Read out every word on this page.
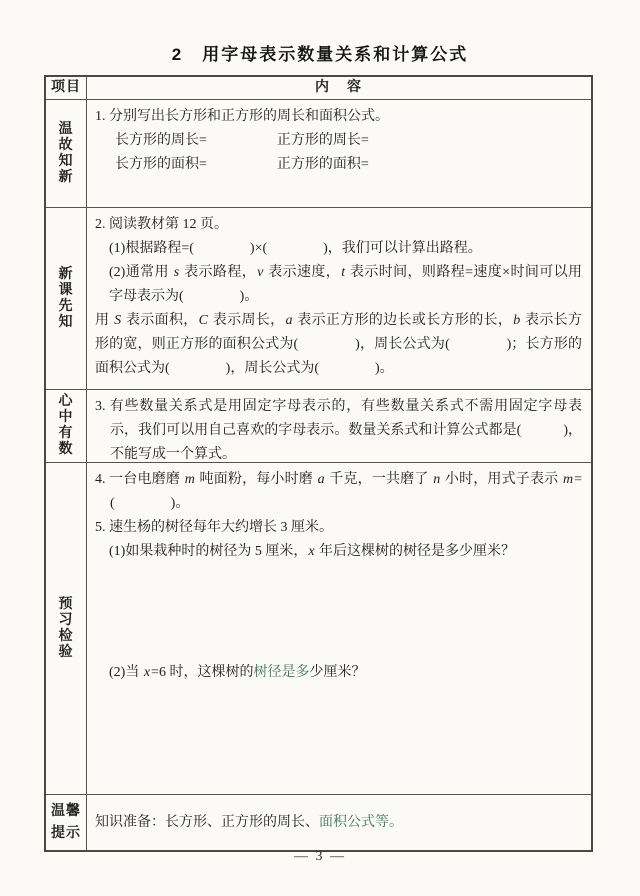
2　用字母表示数量关系和计算公式
项目	内　容
温
故
知
新
1. 分别写出长方形和正方形的周长和面积公式。
长方形的周长=　　　　　正方形的周长=
长方形的面积=　　　　　正方形的面积=
新
课
先
知
2. 阅读教材第 12 页。
(1)根据路程=(　　　　)×(　　　　)，我们可以计算出路程。
(2)通常用 s 表示路程，v 表示速度，t 表示时间，则路程=速度×时间可以用字母表示为(　　　　)。
用 S 表示面积，C 表示周长，a 表示正方形的边长或长方形的长，b 表示长方形的宽，则正方形的面积公式为(　　　　)，周长公式为(　　　　)；长方形的面积公式为(　　　　)，周长公式为(　　　　)。
心
中
有
数
3. 有些数量关系式是用固定字母表示的，有些数量关系式不需用固定字母表示，我们可以用自己喜欢的字母表示。数量关系式和计算公式都是(　　　)，不能写成一个算式。
预
习
检
验
4. 一台电磨磨 m 吨面粉，每小时磨 a 千克，一共磨了 n 小时，用式子表示 m=(　　　　)。
5. 速生杨的树径每年大约增长 3 厘米。
(1)如果栽种时的树径为 5 厘米，x 年后这棵树的树径是多少厘米？
(2)当 x=6 时，这棵树的树径是多少厘米？
温馨
提示
知识准备：长方形、正方形的周长、面积公式等。
— 3 —
